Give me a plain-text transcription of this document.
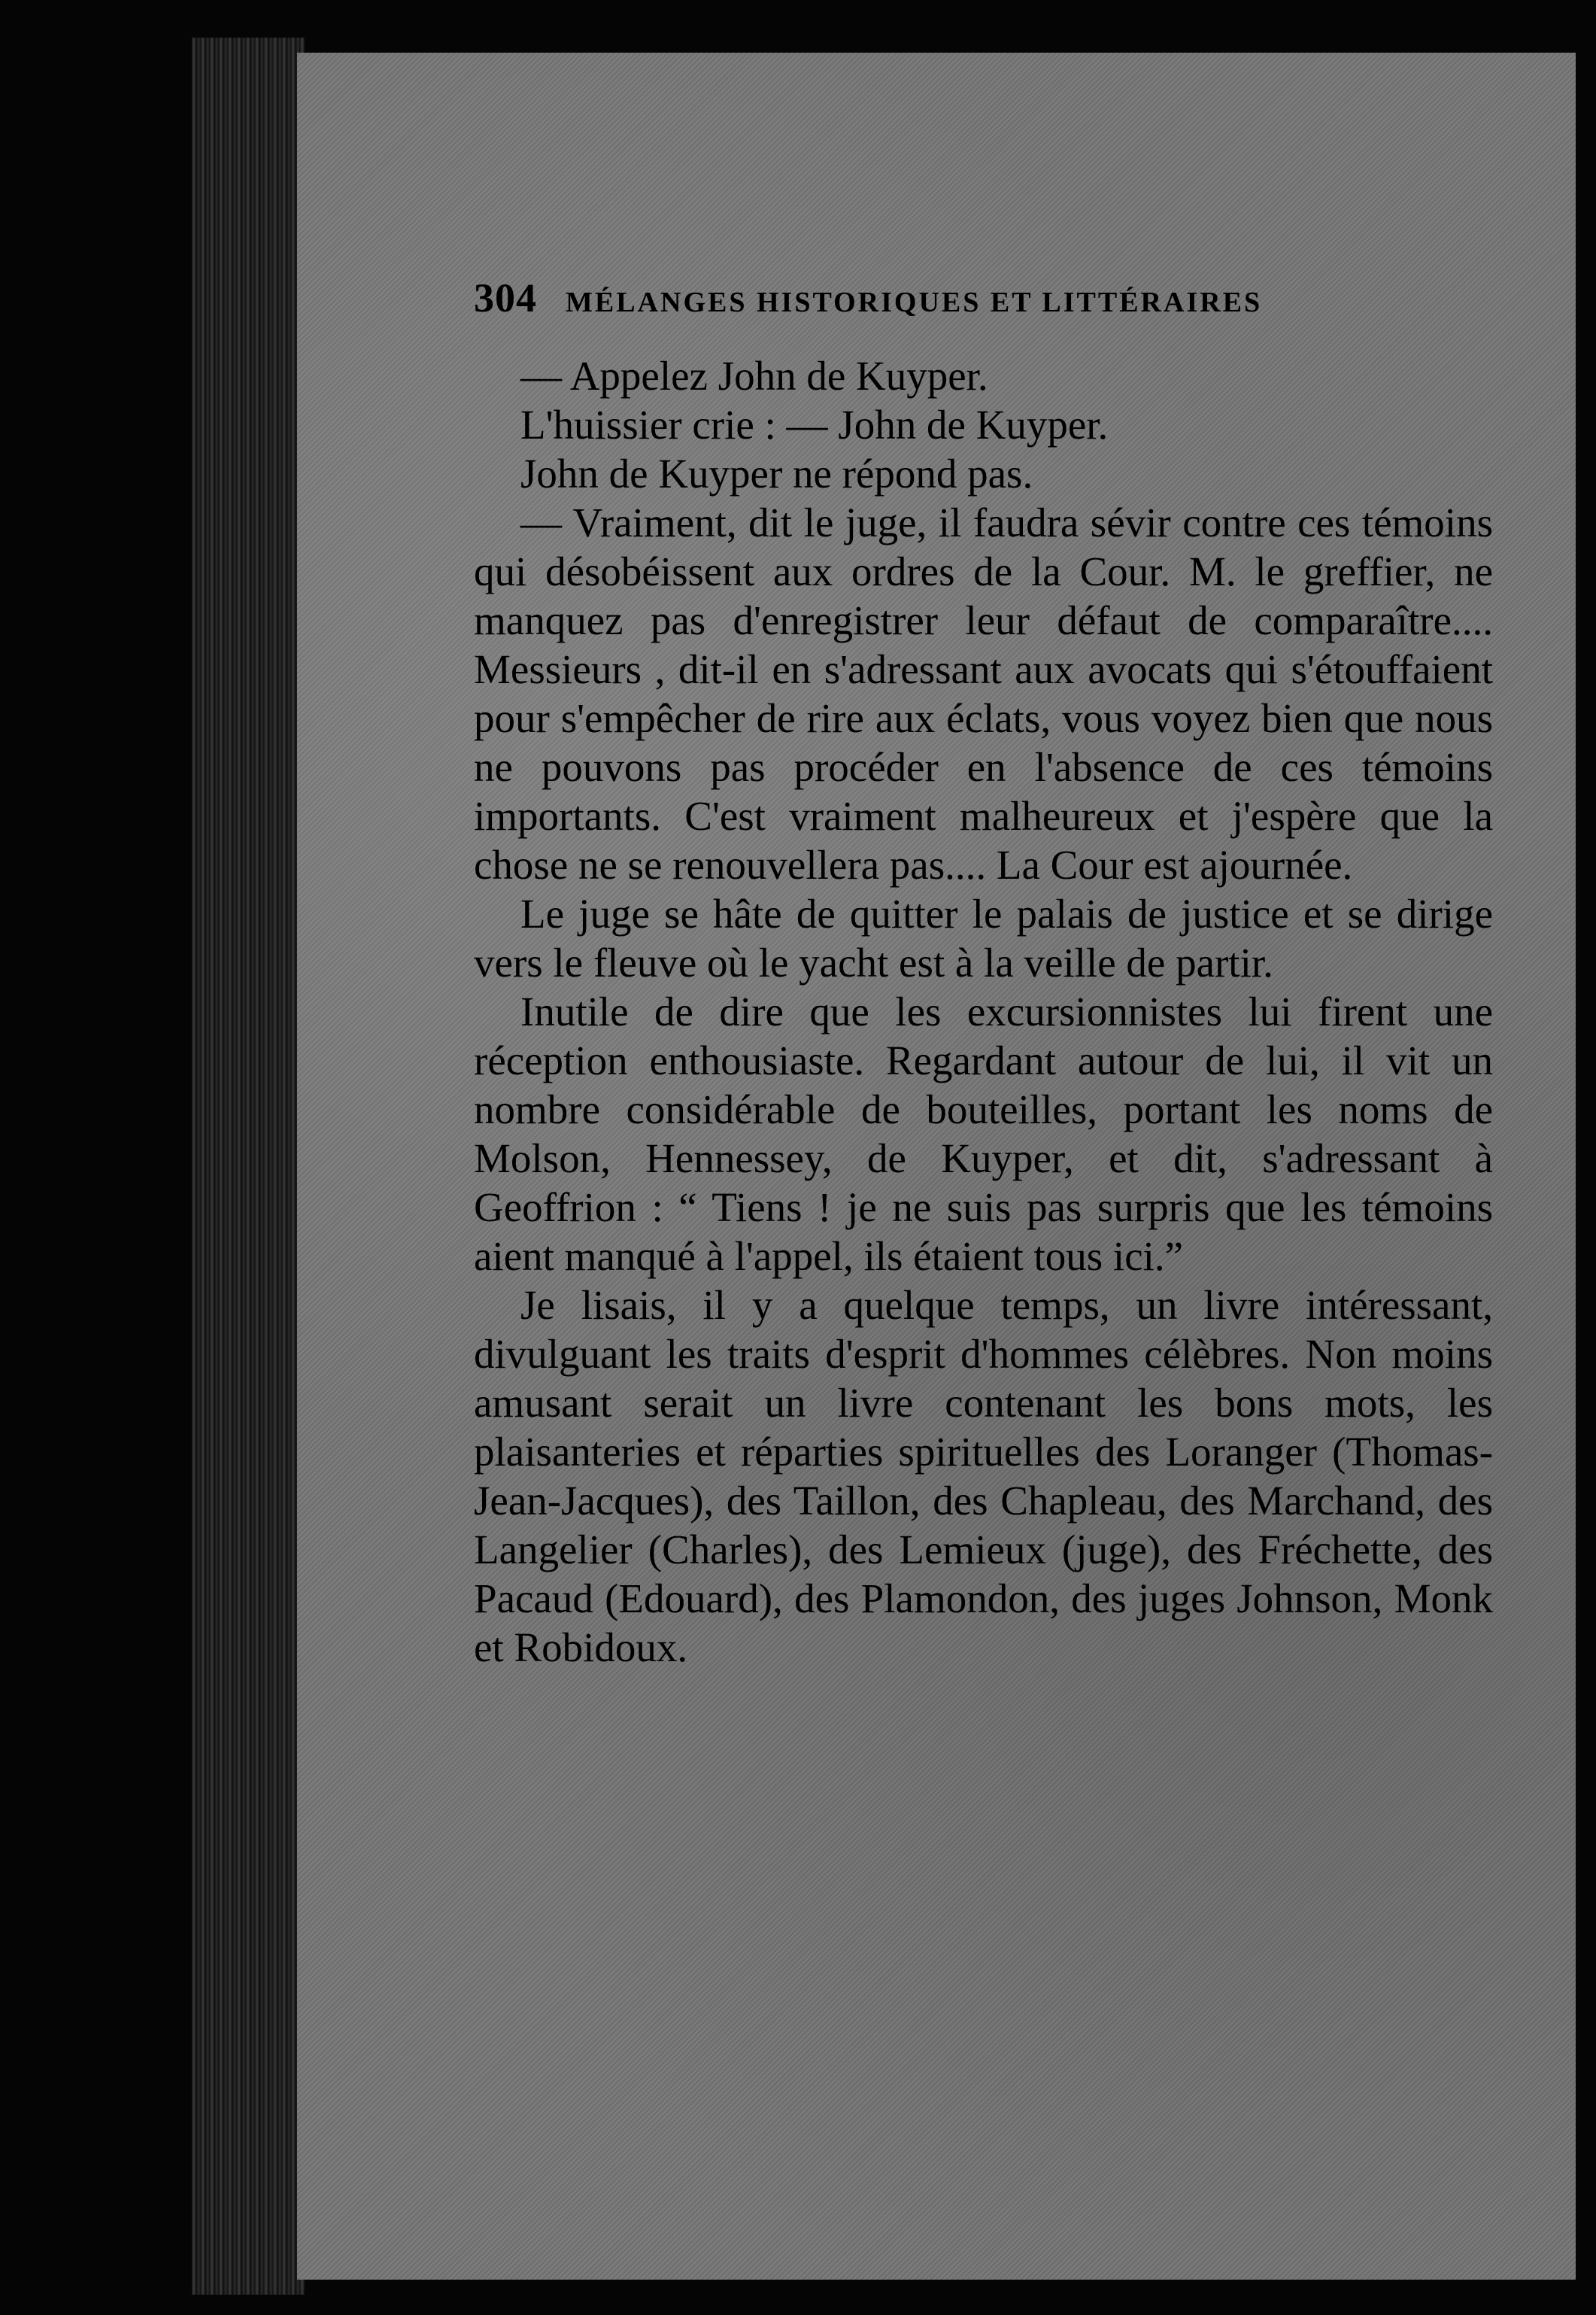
304 MÉLANGES HISTORIQUES ET LITTÉRAIRES

— Appelez John de Kuyper.

L'huissier crie : — John de Kuyper.

John de Kuyper ne répond pas.

— Vraiment, dit le juge, il faudra sévir contre ces témoins qui désobéissent aux ordres de la Cour. M. le greffier, ne manquez pas d'enregistrer leur défaut de comparaître.... Messieurs , dit-il en s'adressant aux avocats qui s'étouffaient pour s'empêcher de rire aux éclats, vous voyez bien que nous ne pouvons pas procéder en l'absence de ces témoins importants. C'est vraiment malheureux et j'espère que la chose ne se renouvellera pas.... La Cour est ajournée.

Le juge se hâte de quitter le palais de justice et se dirige vers le fleuve où le yacht est à la veille de partir.

Inutile de dire que les excursionnistes lui firent une réception enthousiaste. Regardant autour de lui, il vit un nombre considérable de bouteilles, portant les noms de Molson, Hennessey, de Kuyper, et dit, s'adressant à Geoffrion : “ Tiens ! je ne suis pas surpris que les témoins aient manqué à l'appel, ils étaient tous ici.”

Je lisais, il y a quelque temps, un livre intéressant, divulguant les traits d'esprit d'hommes célèbres. Non moins amusant serait un livre contenant les bons mots, les plaisanteries et réparties spirituelles des Loranger (Thomas-Jean-Jacques), des Taillon, des Chapleau, des Marchand, des Langelier (Charles), des Lemieux (juge), des Fréchette, des Pacaud (Edouard), des Plamondon, des juges Johnson, Monk et Robidoux.
